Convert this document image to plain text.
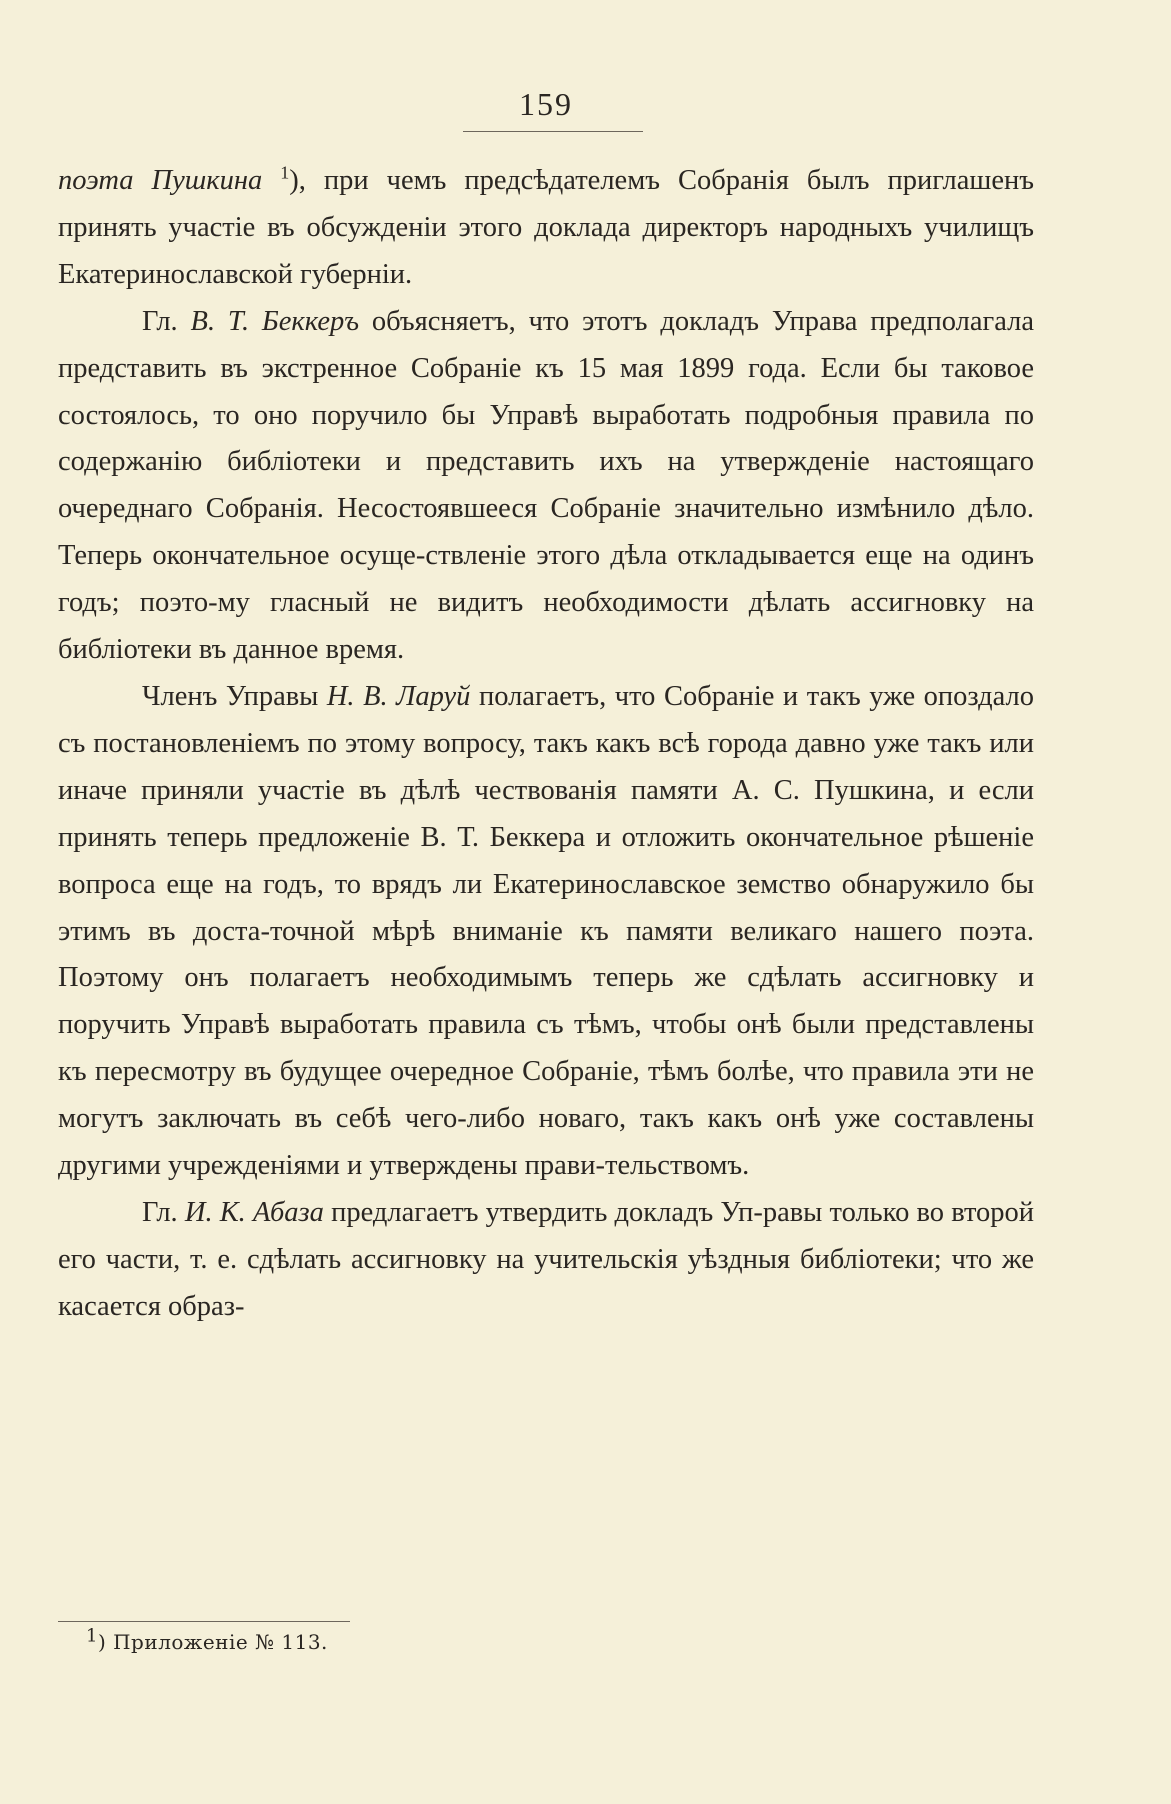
159

поэта Пушкина $^1$), при чемъ предсѣдателемъ Собранія былъ приглашенъ принять участіе въ обсужденіи этого доклада директоръ народныхъ училищъ Екатеринославской губерніи.

Гл. В. Т. Беккеръ объясняетъ, что этотъ докладъ Управа предполагала представить въ экстренное Собраніе къ 15 мая 1899 года. Если бы таковое состоялось, то оно поручило бы Управѣ выработать подробныя правила по содержанію библіотеки и представить ихъ на утвержденіе настоящаго очереднаго Собранія. Несостоявшееся Собраніе значительно измѣнило дѣло. Теперь окончательное осуще-ствленіе этого дѣла откладывается еще на одинъ годъ; поэто-му гласный не видитъ необходимости дѣлать ассигновку на библіотеки въ данное время.

Членъ Управы Н. В. Ларуй полагаетъ, что Собраніе и такъ уже опоздало съ постановленіемъ по этому вопросу, такъ какъ всѣ города давно уже такъ или иначе приняли участіе въ дѣлѣ чествованія памяти А. С. Пушкина, и если принять теперь предложеніе В. Т. Беккера и отложить окончательное рѣшеніе вопроса еще на годъ, то врядъ ли Екатеринославское земство обнаружило бы этимъ въ доста-точной мѣрѣ вниманіе къ памяти великаго нашего поэта. Поэтому онъ полагаетъ необходимымъ теперь же сдѣлать ассигновку и поручить Управѣ выработать правила съ тѣмъ, чтобы онѣ были представлены къ пересмотру въ будущее очередное Собраніе, тѣмъ болѣе, что правила эти не могутъ заключать въ себѣ чего-либо новаго, такъ какъ онѣ уже составлены другими учрежденіями и утверждены прави-тельствомъ.

Гл. И. К. Абаза предлагаетъ утвердить докладъ Уп-равы только во второй его части, т. е. сдѣлать ассигновку на учительскія уѣздныя библіотеки; что же касается образ-

$^1$) Приложеніе № 113.
